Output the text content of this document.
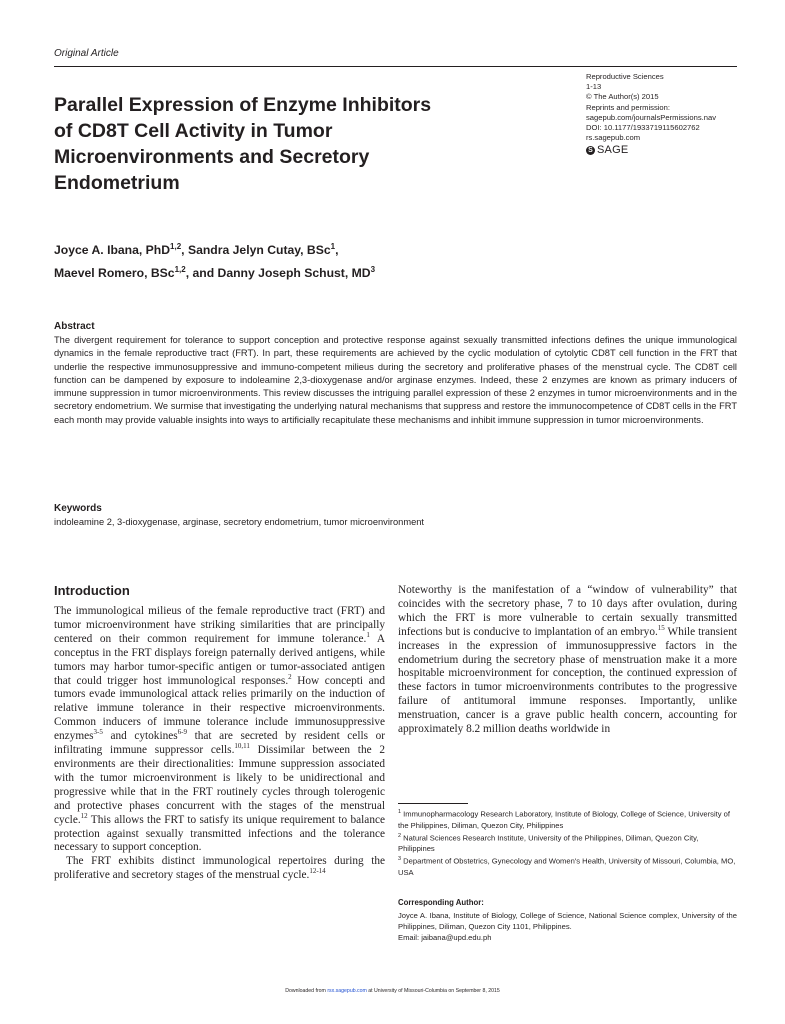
Original Article
Parallel Expression of Enzyme Inhibitors of CD8T Cell Activity in Tumor Microenvironments and Secretory Endometrium
Reproductive Sciences
1-13
© The Author(s) 2015
Reprints and permission:
sagepub.com/journalsPermissions.nav
DOI: 10.1177/1933719115602762
rs.sagepub.com
S SAGE
Joyce A. Ibana, PhD$^{1,2}$, Sandra Jelyn Cutay, BSc$^1$,
Maevel Romero, BSc$^{1,2}$, and Danny Joseph Schust, $MD^3$
Abstract
The divergent requirement for tolerance to support conception and protective response against sexually transmitted infections defines the unique immunological dynamics in the female reproductive tract (FRT). In part, these requirements are achieved by the cyclic modulation of cytolytic CD8T cell function in the FRT that underlie the respective immunosuppressive and immuno-competent milieus during the secretory and proliferative phases of the menstrual cycle. The CD8T cell function can be dampened by exposure to indoleamine 2,3-dioxygenase and/or arginase enzymes. Indeed, these 2 enzymes are known as primary inducers of immune suppression in tumor microenvironments. This review discusses the intriguing parallel expression of these 2 enzymes in tumor microenvironments and in the secretory endometrium. We surmise that investigating the underlying natural mechanisms that suppress and restore the immunocompetence of CD8T cells in the FRT each month may provide valuable insights into ways to artificially recapitulate these mechanisms and inhibit immune suppression in tumor microenvironments.
Keywords
indoleamine 2, 3-dioxygenase, arginase, secretory endometrium, tumor microenvironment
Introduction

The immunological milieus of the female reproductive tract (FRT) and tumor microenvironment have striking similarities that are principally centered on their common requirement for immune tolerance.$^1$ A conceptus in the FRT displays foreign paternally derived antigens, while tumors may harbor tumor-specific antigen or tumor-associated antigen that could trigger host immunological responses.$^2$ How concepti and tumors evade immunological attack relies primarily on the induction of relative immune tolerance in their respective microenvironments. Common inducers of immune tolerance include immunosuppressive enzymes$^{3-5}$ and cytokines$^{6-9}$ that are secreted by resident cells or infiltrating immune suppressor cells.$^{10,11}$ Dissimilar between the 2 environments are their directionalities: Immune suppression associated with the tumor microenvironment is likely to be unidirectional and progressive while that in the FRT routinely cycles through tolerogenic and protective phases concurrent with the stages of the menstrual cycle.$^{12}$ This allows the FRT to satisfy its unique requirement to balance protection against sexually transmitted infections and the tolerance necessary to support conception.

The FRT exhibits distinct immunological repertoires during the proliferative and secretory stages of the menstrual cycle.$^{12-14}$

Noteworthy is the manifestation of a “window of vulnerability” that coincides with the secretory phase, 7 to 10 days after ovulation, during which the FRT is more vulnerable to certain sexually transmitted infections but is conducive to implantation of an embryo.$^{15}$ While transient increases in the expression of immunosuppressive factors in the endometrium during the secretory phase of menstruation make it a more hospitable microenvironment for conception, the continued expression of these factors in tumor microenvironments contributes to the progressive failure of antitumoral immune responses. Importantly, unlike menstruation, cancer is a grave public health concern, accounting for approximately 8.2 million deaths worldwide in

$^1$ Immunopharmacology Research Laboratory, Institute of Biology, College of Science, University of the Philippines, Diliman, Quezon City, Philippines

$^2$ Natural Sciences Research Institute, University of the Philippines, Diliman, Quezon City, Philippines

$^3$ Department of Obstetrics, Gynecology and Women's Health, University of Missouri, Columbia, MO, USA

Corresponding Author:
Joyce A. Ibana, Institute of Biology, College of Science, National Science complex, University of the Philippines, Diliman, Quezon City 1101, Philippines.
Email: jaibana@upd.edu.ph
Downloaded from rsx.sagepub.com at University of Missouri-Columbia on September 8, 2015
